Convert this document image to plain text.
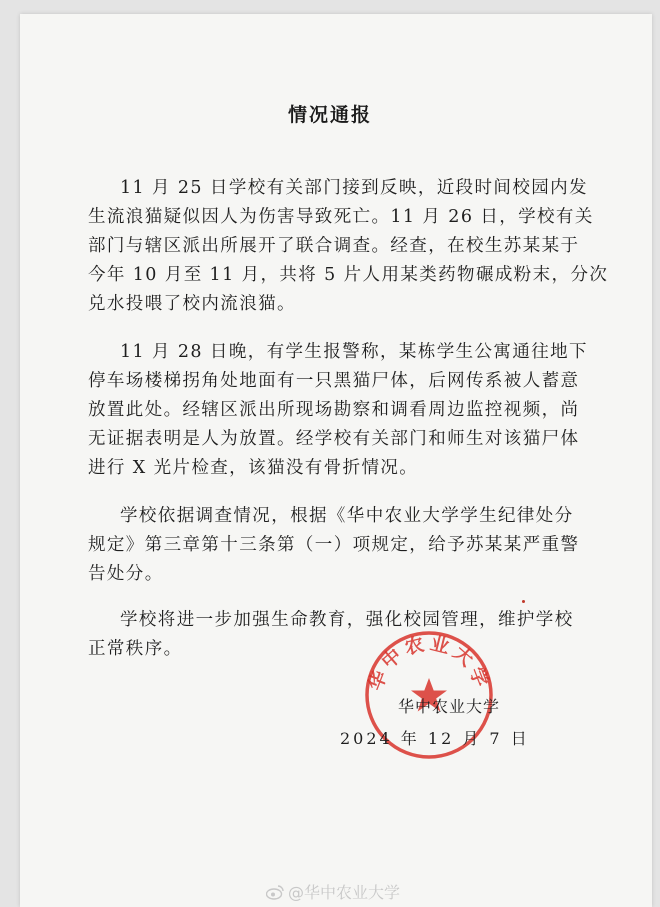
情况通报
11 月 25 日学校有关部门接到反映，近段时间校园内发
生流浪猫疑似因人为伤害导致死亡。11 月 26 日，学校有关
部门与辖区派出所展开了联合调查。经查，在校生苏某某于
今年 10 月至 11 月，共将 5 片人用某类药物碾成粉末，分次
兑水投喂了校内流浪猫。
11 月 28 日晚，有学生报警称，某栋学生公寓通往地下
停车场楼梯拐角处地面有一只黑猫尸体，后网传系被人蓄意
放置此处。经辖区派出所现场勘察和调看周边监控视频，尚
无证据表明是人为放置。经学校有关部门和师生对该猫尸体
进行 X 光片检查，该猫没有骨折情况。
学校依据调查情况，根据《华中农业大学学生纪律处分
规定》第三章第十三条第（一）项规定，给予苏某某严重警
告处分。
学校将进一步加强生命教育，强化校园管理，维护学校
正常秩序。
华中农业大学
华中农业大学
2024 年 12 月 7 日
@华中农业大学
